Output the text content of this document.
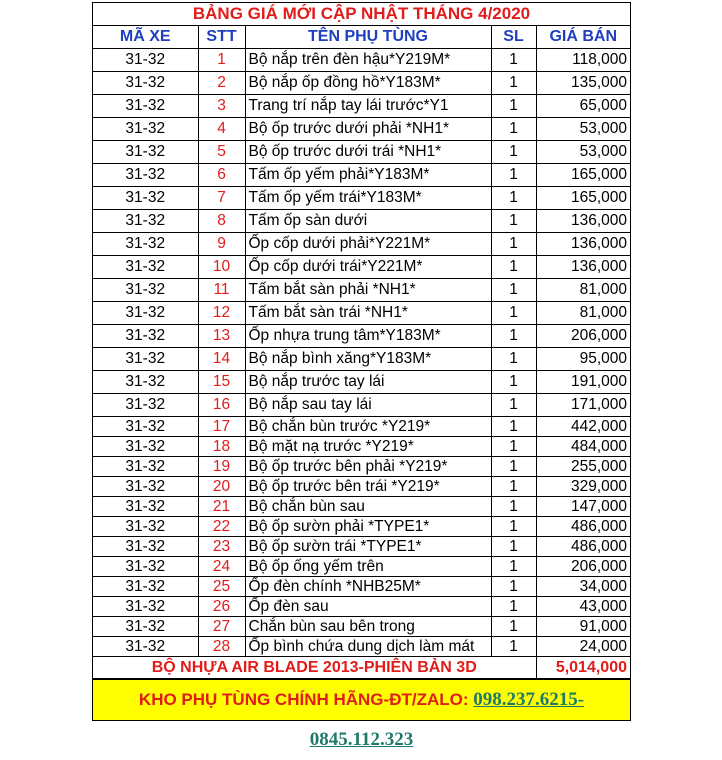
BẢNG GIÁ MỚI CẬP NHẬT THÁNG 4/2020
MÃ XE	STT	TÊN PHỤ TÙNG	SL	GIÁ BÁN
31-32	1	Bộ nắp trên đèn hậu*Y219M*	1	118,000
31-32	2	Bộ nắp ốp đồng hồ*Y183M*	1	135,000
31-32	3	Trang trí nắp tay lái trước*Y1	1	65,000
31-32	4	Bộ ốp trước dưới phải *NH1*	1	53,000
31-32	5	Bộ ốp trước dưới trái *NH1*	1	53,000
31-32	6	Tấm ốp yếm phải*Y183M*	1	165,000
31-32	7	Tấm ốp yếm trái*Y183M*	1	165,000
31-32	8	Tấm ốp sàn dưới	1	136,000
31-32	9	Ốp cốp dưới phải*Y221M*	1	136,000
31-32	10	Ốp cốp dưới trái*Y221M*	1	136,000
31-32	11	Tấm bắt sàn phải *NH1*	1	81,000
31-32	12	Tấm bắt sàn trái *NH1*	1	81,000
31-32	13	Ốp nhựa trung tâm*Y183M*	1	206,000
31-32	14	Bộ nắp bình xăng*Y183M*	1	95,000
31-32	15	Bộ nắp trước tay lái	1	191,000
31-32	16	Bộ nắp sau tay lái	1	171,000
31-32	17	Bộ chắn bùn trước *Y219*	1	442,000
31-32	18	Bộ mặt nạ trước *Y219*	1	484,000
31-32	19	Bộ ốp trước bên phải *Y219*	1	255,000
31-32	20	Bộ ốp trước bên trái *Y219*	1	329,000
31-32	21	Bộ chắn bùn sau	1	147,000
31-32	22	Bộ ốp sườn phải *TYPE1*	1	486,000
31-32	23	Bộ ốp sườn trái *TYPE1*	1	486,000
31-32	24	Bộ ốp ống yếm trên	1	206,000
31-32	25	Ốp đèn chính *NHB25M*	1	34,000
31-32	26	Ốp đèn sau	1	43,000
31-32	27	Chắn bùn sau bên trong	1	91,000
31-32	28	Ốp bình chứa dung dịch làm mát	1	24,000
BỘ NHỰA AIR BLADE 2013-PHIÊN BẢN 3D				5,014,000
KHO PHỤ TÙNG CHÍNH HÃNG-ĐT/ZALO: 098.237.6215-0845.112.323
